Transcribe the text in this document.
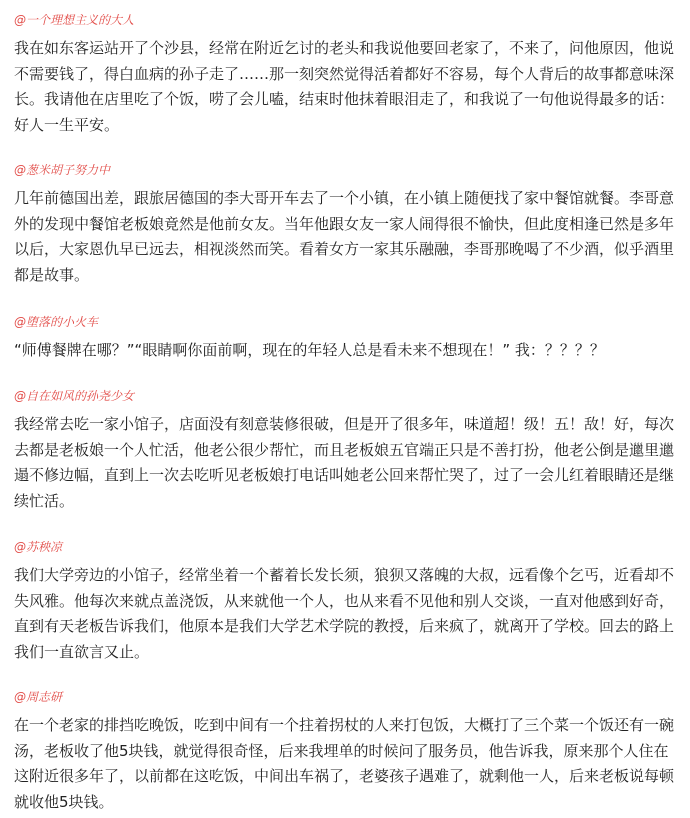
@一个理想主义的大人

我在如东客运站开了个沙县，经常在附近乞讨的老头和我说他要回老家了，不来了，问他原因，他说不需要钱了，得白血病的孙子走了……那一刻突然觉得活着都好不容易，每个人背后的故事都意味深长。我请他在店里吃了个饭，唠了会儿嗑，结束时他抹着眼泪走了，和我说了一句他说得最多的话：好人一生平安。

@葱米胡子努力中

几年前德国出差，跟旅居德国的李大哥开车去了一个小镇，在小镇上随便找了家中餐馆就餐。李哥意外的发现中餐馆老板娘竟然是他前女友。当年他跟女友一家人闹得很不愉快，但此度相逢已然是多年以后，大家恩仇早已远去，相视淡然而笑。看着女方一家其乐融融，李哥那晚喝了不少酒，似乎酒里都是故事。

@堕落的小火车

“师傅餐牌在哪？”“眼睛啊你面前啊，现在的年轻人总是看未来不想现在！” 我：？？？？

@自在如风的孙尧少女

我经常去吃一家小馆子，店面没有刻意装修很破，但是开了很多年，味道超！级！五！敌！好，每次去都是老板娘一个人忙活，他老公很少帮忙，而且老板娘五官端正只是不善打扮，他老公倒是邋里邋遢不修边幅，直到上一次去吃听见老板娘打电话叫她老公回来帮忙哭了，过了一会儿红着眼睛还是继续忙活。

@苏秧凉

我们大学旁边的小馆子，经常坐着一个蓄着长发长须，狼狈又落魄的大叔，远看像个乞丐，近看却不失风雅。他每次来就点盖浇饭，从来就他一个人，也从来看不见他和别人交谈，一直对他感到好奇，直到有天老板告诉我们，他原本是我们大学艺术学院的教授，后来疯了，就离开了学校。回去的路上我们一直欲言又止。

@周志研

在一个老家的排挡吃晚饭，吃到中间有一个拄着拐杖的人来打包饭，大概打了三个菜一个饭还有一碗汤，老板收了他5块钱，就觉得很奇怪，后来我埋单的时候问了服务员，他告诉我，原来那个人住在这附近很多年了，以前都在这吃饭，中间出车祸了，老婆孩子遇难了，就剩他一人，后来老板说每顿就收他5块钱。
